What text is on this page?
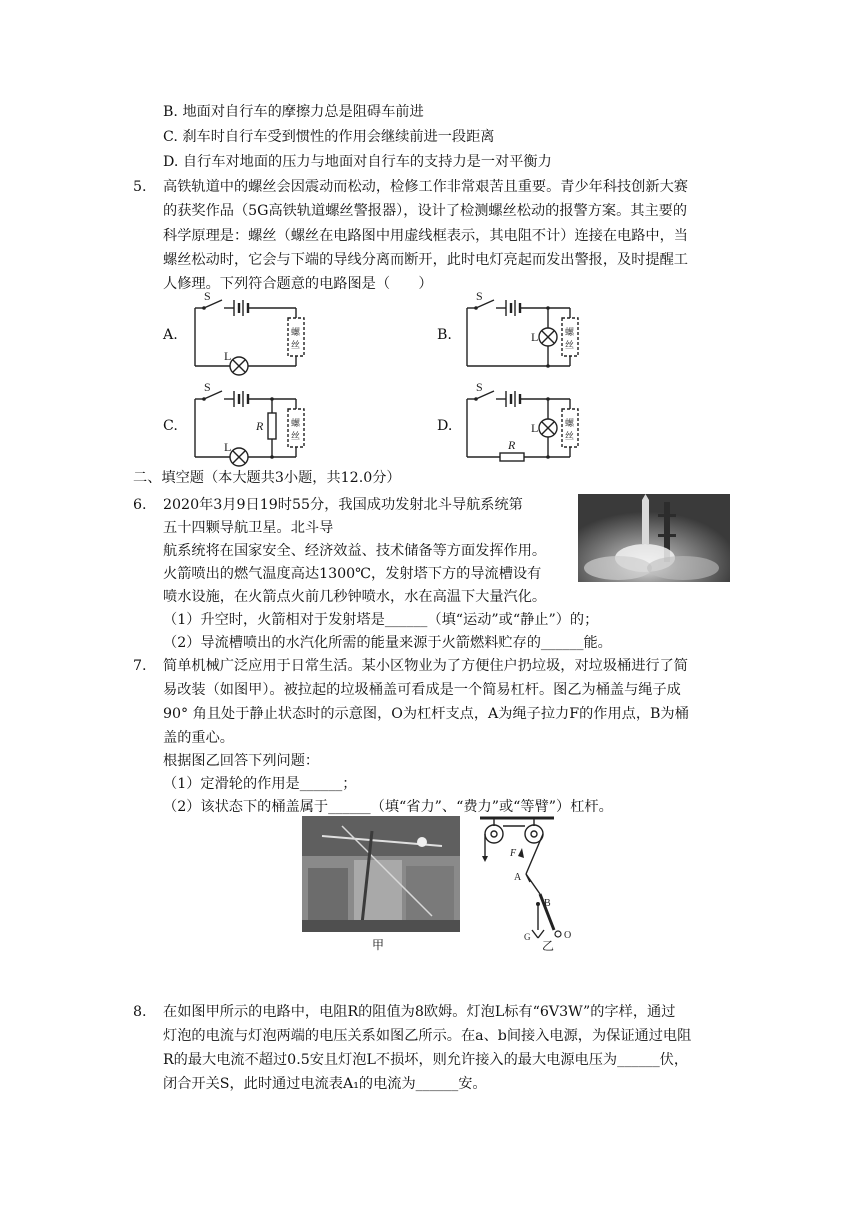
B. 地面对自行车的摩擦力总是阻碍车前进
C. 刹车时自行车受到惯性的作用会继续前进一段距离
D. 自行车对地面的压力与地面对自行车的支持力是一对平衡力
5. 高铁轨道中的螺丝会因震动而松动，检修工作非常艰苦且重要。青少年科技创新大赛
的获奖作品（5G高铁轨道螺丝警报器），设计了检测螺丝松动的报警方案。其主要的
科学原理是：螺丝（螺丝在电路图中用虚线框表示，其电阻不计）连接在电路中，当
螺丝松动时，它会与下端的导线分离而断开，此时电灯亮起而发出警报，及时提醒工
人修理。下列符合题意的电路图是（　　）
A.	B.
C.	D.
S
L
螺
丝
S
L	螺
丝
S
R
L
螺
丝
S
L
R
螺
丝
二、填空题（本大题共3小题，共12.0分）
6. 2020年3月9日19时55分，我国成功发射北斗导航系统第
五十四颗导航卫星。北斗导
航系统将在国家安全、经济效益、技术储备等方面发挥作用。
火箭喷出的燃气温度高达1300℃，发射塔下方的导流槽设有
喷水设施，在火箭点火前几秒钟喷水，水在高温下大量汽化。
（1）升空时，火箭相对于发射塔是______（填“运动”或“静止”）的；
（2）导流槽喷出的水汽化所需的能量来源于火箭燃料贮存的______能。
7. 简单机械广泛应用于日常生活。某小区物业为了方便住户扔垃圾，对垃圾桶进行了简
易改装（如图甲）。被拉起的垃圾桶盖可看成是一个简易杠杆。图乙为桶盖与绳子成
90° 角且处于静止状态时的示意图，O为杠杆支点，A为绳子拉力F的作用点，B为桶
盖的重心。
根据图乙回答下列问题：
（1）定滑轮的作用是______；
（2）该状态下的桶盖属于______（填“省力”、“费力”或“等臂”）杠杆。
甲
F
A
B
G	O
乙
8. 在如图甲所示的电路中，电阻R的阻值为8欧姆。灯泡L标有“6V3W”的字样，通过
灯泡的电流与灯泡两端的电压关系如图乙所示。在a、b间接入电源，为保证通过电阻
R的最大电流不超过0.5安且灯泡L不损坏，则允许接入的最大电源电压为______伏，
闭合开关S，此时通过电流表A₁的电流为______安。
